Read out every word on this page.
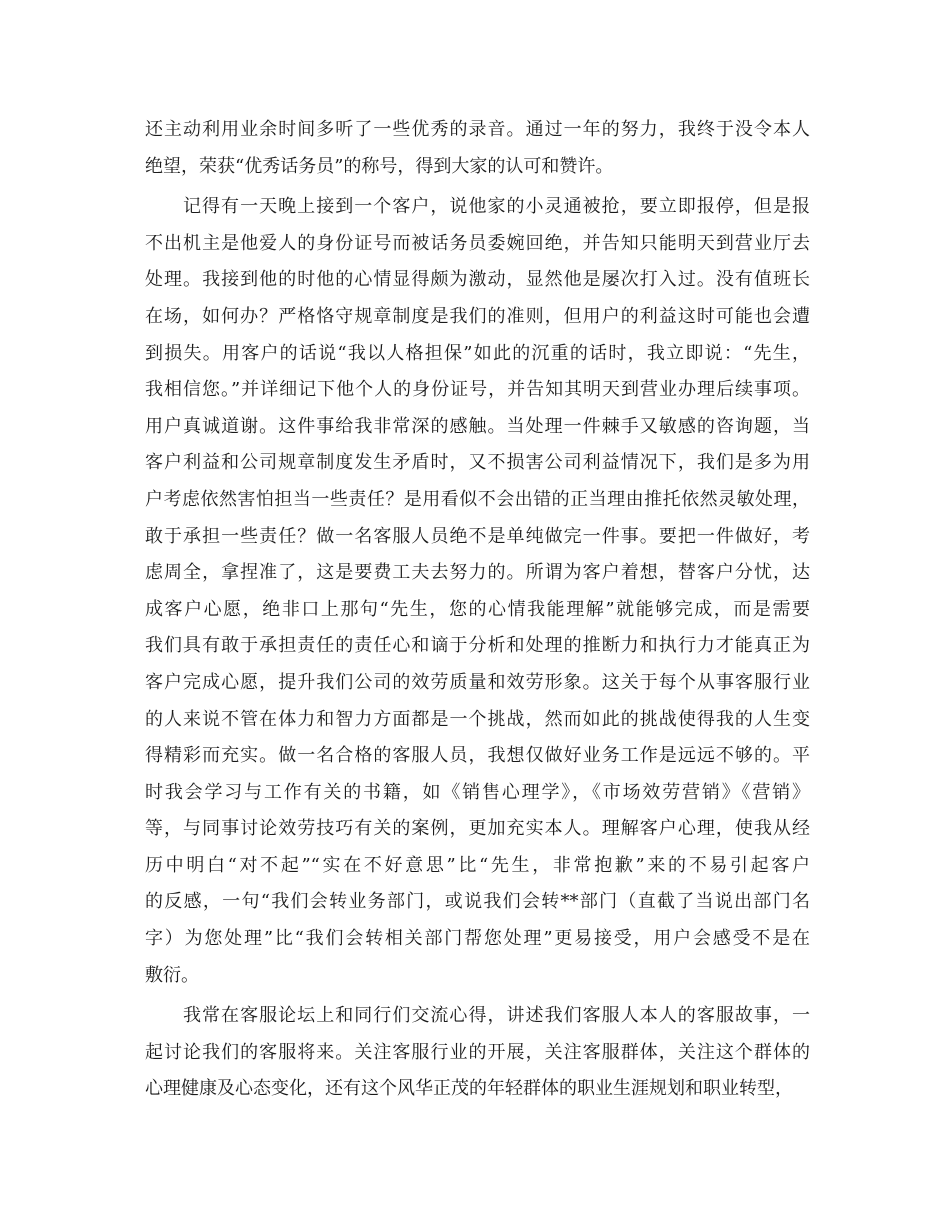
还主动利用业余时间多听了一些优秀的录音。通过一年的努力，我终于没令本人
绝望，荣获“优秀话务员”的称号，得到大家的认可和赞许。
记得有一天晚上接到一个客户，说他家的小灵通被抢，要立即报停，但是报
不出机主是他爱人的身份证号而被话务员委婉回绝，并告知只能明天到营业厅去
处理。我接到他的时他的心情显得颇为激动，显然他是屡次打入过。没有值班长
在场，如何办？严格恪守规章制度是我们的准则，但用户的利益这时可能也会遭
到损失。用客户的话说“我以人格担保”如此的沉重的话时，我立即说：“先生，
我相信您。”并详细记下他个人的身份证号，并告知其明天到营业办理后续事项。
用户真诚道谢。这件事给我非常深的感触。当处理一件棘手又敏感的咨询题，当
客户利益和公司规章制度发生矛盾时，又不损害公司利益情况下，我们是多为用
户考虑依然害怕担当一些责任？是用看似不会出错的正当理由推托依然灵敏处理，
敢于承担一些责任？做一名客服人员绝不是单纯做完一件事。要把一件做好，考
虑周全，拿捏准了，这是要费工夫去努力的。所谓为客户着想，替客户分忧，达
成客户心愿，绝非口上那句“先生，您的心情我能理解”就能够完成，而是需要
我们具有敢于承担责任的责任心和谪于分析和处理的推断力和执行力才能真正为
客户完成心愿，提升我们公司的效劳质量和效劳形象。这关于每个从事客服行业
的人来说不管在体力和智力方面都是一个挑战，然而如此的挑战使得我的人生变
得精彩而充实。做一名合格的客服人员，我想仅做好业务工作是远远不够的。平
时我会学习与工作有关的书籍，如《销售心理学》，《市场效劳营销》《营销》
等，与同事讨论效劳技巧有关的案例，更加充实本人。理解客户心理，使我从经
历中明白“对不起”“实在不好意思”比“先生，非常抱歉”来的不易引起客户
的反感，一句“我们会转业务部门，或说我们会转**部门（直截了当说出部门名
字）为您处理”比“我们会转相关部门帮您处理”更易接受，用户会感受不是在
敷衍。
我常在客服论坛上和同行们交流心得，讲述我们客服人本人的客服故事，一
起讨论我们的客服将来。关注客服行业的开展，关注客服群体，关注这个群体的
心理健康及心态变化，还有这个风华正茂的年轻群体的职业生涯规划和职业转型，
